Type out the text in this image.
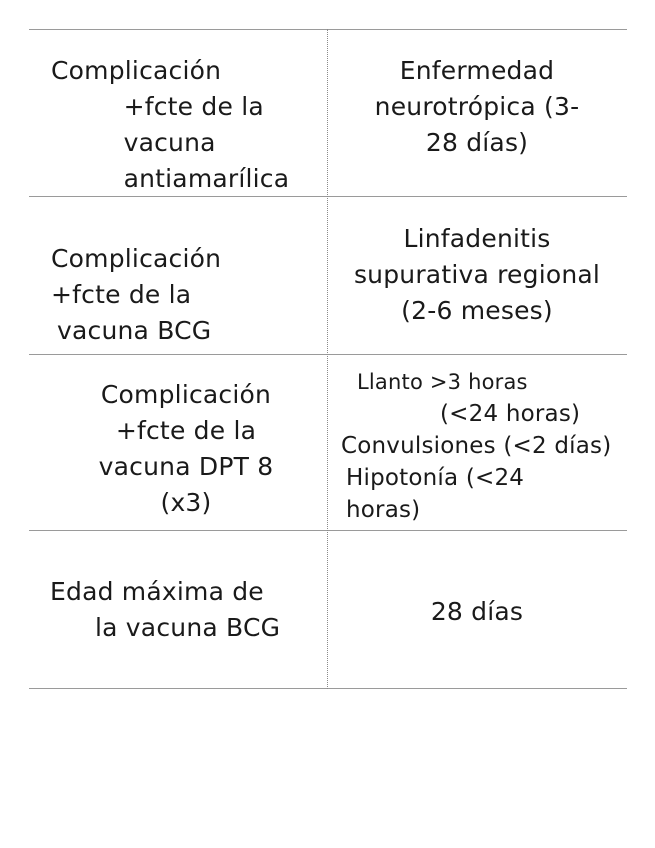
Complicación
+fcte de la
vacuna
antiamarílica
Enfermedad
neurotrópica (3-
28 días)
Complicación
+fcte de la
vacuna BCG
Linfadenitis
supurativa regional
(2-6 meses)
Complicación
+fcte de la
vacuna DPT 8
(x3)
Llanto >3 horas
(<24 horas)
Convulsiones (<2 días)
Hipotonía (<24
horas)
Edad máxima de
la vacuna BCG
28 días
